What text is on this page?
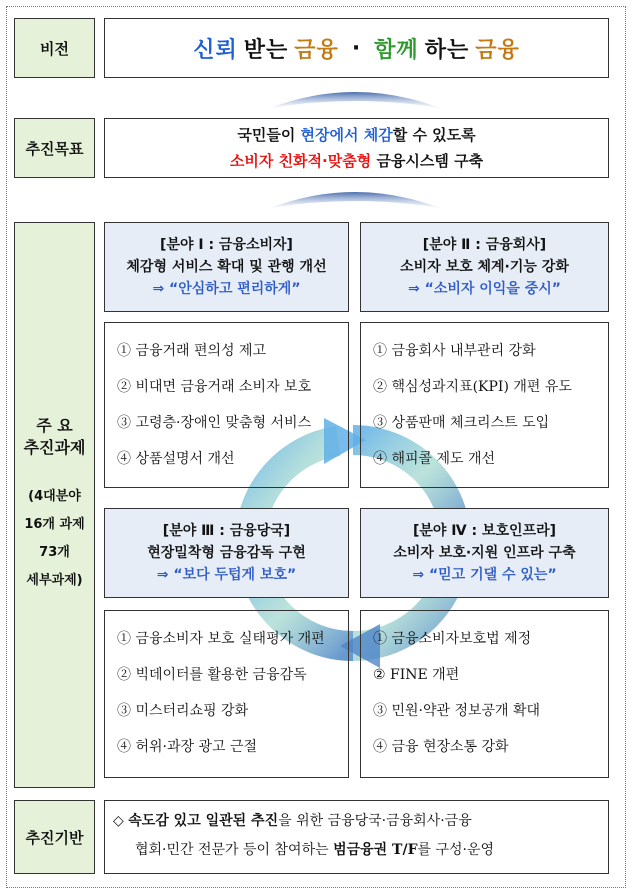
비전	신뢰 받는 금융 · 함께 하는 금융
추진목표
국민들이 현장에서 체감할 수 있도록
소비자 친화적·맞춤형 금융시스템 구축
주 요
추진과제
(4대분야
16개 과제
73개
세부과제)
[분야 Ⅰ : 금융소비자]
체감형 서비스 확대 및 관행 개선
⇒ “안심하고 편리하게”
① 금융거래 편의성 제고
② 비대면 금융거래 소비자 보호
③ 고령층·장애인 맞춤형 서비스
④ 상품설명서 개선
[분야 Ⅱ : 금융회사]
소비자 보호 체계·기능 강화
⇒ “소비자 이익을 중시”
① 금융회사 내부관리 강화
② 핵심성과지표(KPI) 개편 유도
③ 상품판매 체크리스트 도입
④ 해피콜 제도 개선
[분야 Ⅲ : 금융당국]
현장밀착형 금융감독 구현
⇒ “보다 두텁게 보호”
① 금융소비자 보호 실태평가 개편
② 빅데이터를 활용한 금융감독
③ 미스터리쇼핑 강화
④ 허위·과장 광고 근절
[분야 Ⅳ : 보호인프라]
소비자 보호·지원 인프라 구축
⇒ “믿고 기댈 수 있는”
① 금융소비자보호법 제정
② FINE 개편
③ 민원·약관 정보공개 확대
④ 금융 현장소통 강화
추진기반
◇ 속도감 있고 일관된 추진을 위한 금융당국·금융회사·금융
협회·민간 전문가 등이 참여하는 범금융권 T/F를 구성·운영
